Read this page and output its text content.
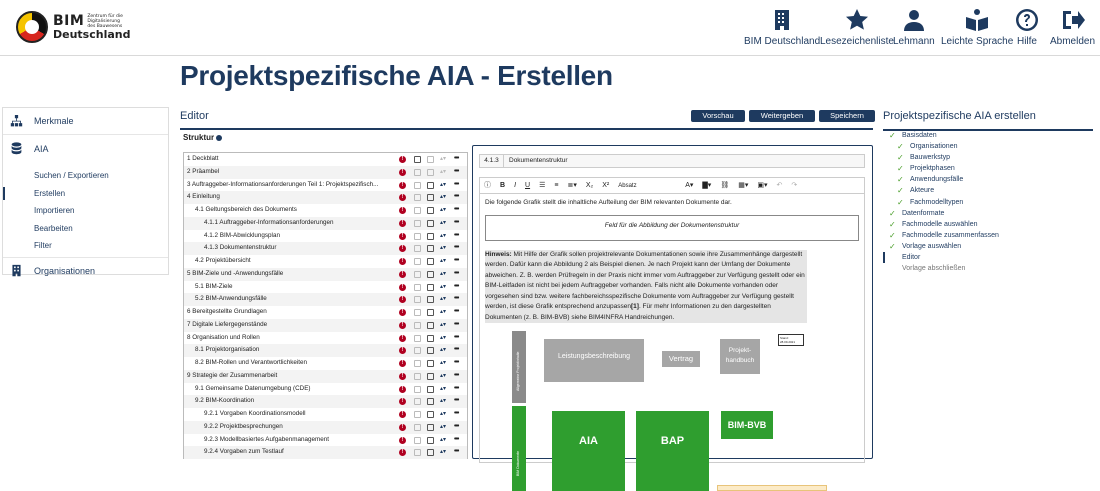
BIM Zentrum für die Digitalisierung des Bauwesens
Deutschland
BIM Deutschland Lesezeichenliste Lehmann Leichte Sprache Hilfe Abmelden
Projektspezifische AIA - Erstellen
Merkmale
AIA
Suchen / Exportieren
Erstellen
Importieren
Bearbeiten
Filter
Organisationen
Editor	Vorschau	Weitergeben	Speichern
Struktur
1 Deckblatt	!	▴▾ •••
2 Präambel	!	▴▾ •••
3 Auftraggeber-Informationsanforderungen Teil 1: Projektspezifisch...	!	▴▾ •••
4 Einleitung	!	▴▾ •••
4.1 Geltungsbereich des Dokuments	!	▴▾ •••
4.1.1 Auftraggeber-Informationsanforderungen	!	▴▾ •••
4.1.2 BIM-Abwicklungsplan	!	▴▾ •••
4.1.3 Dokumentenstruktur	!	▴▾ •••
4.2 Projektübersicht	!	▴▾ •••
5 BIM-Ziele und -Anwendungsfälle	!	▴▾ •••
5.1 BIM-Ziele	!	▴▾ •••
5.2 BIM-Anwendungsfälle	!	▴▾ •••
6 Bereitgestellte Grundlagen	!	▴▾ •••
7 Digitale Liefergegenstände	!	▴▾ •••
8 Organisation und Rollen	!	▴▾ •••
8.1 Projektorganisation	!	▴▾ •••
8.2 BIM-Rollen und Verantwortlichkeiten	!	▴▾ •••
9 Strategie der Zusammenarbeit	!	▴▾ •••
9.1 Gemeinsame Datenumgebung (CDE)	!	▴▾ •••
9.2 BIM-Koordination	!	▴▾ •••
9.2.1 Vorgaben Koordinationsmodell	!	▴▾ •••
9.2.2 Projektbesprechungen	!	▴▾ •••
9.2.3 Modellbasiertes Aufgabenmanagement	!	▴▾ •••
9.2.4 Vorgaben zum Testlauf	!	▴▾ •••
4.1.3 Dokumentenstruktur
ⓘ B I U ☰ ≡ ≣▾ X₂ X² Absatz	A▾ ▇▾ ⛓ ▦▾ ▣▾ ↶ ↷
Die folgende Grafik stellt die inhaltliche Aufteilung der BIM relevanten Dokumente dar.
Feld für die Abbildung der Dokumentenstruktur
Hinweis: Mit Hilfe der Grafik sollen projektrelevante Dokumentationen sowie ihre Zusammenhänge dargestellt werden. Dafür kann die Abbildung 2 als Beispiel dienen. Je nach Projekt kann der Umfang der Dokumente abweichen. Z. B. werden Prüfregeln in der Praxis nicht immer vom Auftraggeber zur Verfügung gestellt oder ein BIM-Leitfaden ist nicht bei jedem Auftraggeber vorhanden. Falls nicht alle Dokumente vorhanden oder vorgesehen sind bzw. weitere fachbereichsspezifische Dokumente vom Auftraggeber zur Verfügung gestellt werden, ist diese Grafik entsprechend anzupassen[1]. Für mehr Informationen zu den dargestellten Dokumenten (z. B. BIM-BVB) siehe BIM4INFRA Handreichungen.
Allgemeine Projektinhalte
BIM Dokumente
Leistungsbeschreibung	Vertrag
Projekt-handbuch
Stand: 28.09.2021
AIA	BAP
BIM-BVB
Projektspezifische AIA erstellen
✓ Basisdaten
✓ Organisationen
✓ Bauwerkstyp
✓ Projektphasen
✓ Anwendungsfälle
✓ Akteure
✓ Fachmodelltypen
✓ Datenformate
✓ Fachmodelle auswählen
✓ Fachmodelle zusammenfassen
✓ Vorlage auswählen
Editor
Vorlage abschließen
